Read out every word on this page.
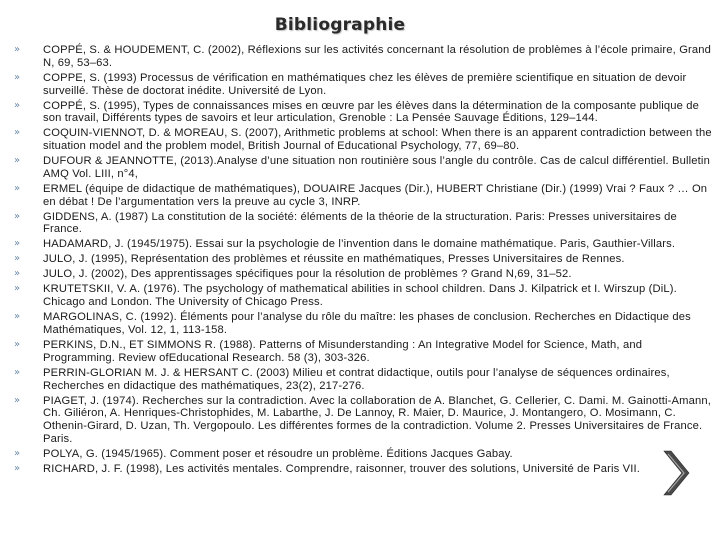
Bibliographie
» COPPÉ, S. & HOUDEMENT, C. (2002), Réflexions sur les activités concernant la résolution de problèmes à l’école primaire, Grand N, 69, 53–63.
» COPPE, S. (1993) Processus de vérification en mathématiques chez les élèves de première scientifique en situation de devoir surveillé. Thèse de doctorat inédite. Université de Lyon.
» COPPÉ, S. (1995), Types de connaissances mises en œuvre par les élèves dans la détermination de la composante publique de son travail, Différents types de savoirs et leur articulation, Grenoble : La Pensée Sauvage Éditions, 129–144.
» COQUIN-VIENNOT, D. & MOREAU, S. (2007), Arithmetic problems at school: When there is an apparent contradiction between the situation model and the problem model, British Journal of Educational Psychology, 77, 69–80.
» DUFOUR & JEANNOTTE, (2013).Analyse d’une situation non routinière sous l’angle du contrôle. Cas de calcul différentiel. Bulletin AMQ Vol. LIII, n°4,
» ERMEL (équipe de didactique de mathématiques), DOUAIRE Jacques (Dir.), HUBERT Christiane (Dir.) (1999) Vrai ? Faux ? … On en débat ! De l’argumentation vers la preuve au cycle 3, INRP.
» GIDDENS, A. (1987) La constitution de la société: éléments de la théorie de la structuration. Paris: Presses universitaires de France.
» HADAMARD, J. (1945/1975). Essai sur la psychologie de l’invention dans le domaine mathématique. Paris, Gauthier-Villars.
» JULO, J. (1995), Représentation des problèmes et réussite en mathématiques, Presses Universitaires de Rennes.
» JULO, J. (2002), Des apprentissages spécifiques pour la résolution de problèmes ? Grand N,69, 31–52.
» KRUTETSKII, V. A. (1976). The psychology of mathematical abilities in school children. Dans J. Kilpatrick et I. Wirszup (DiL). Chicago and London. The University of Chicago Press.
» MARGOLINAS, C. (1992). Éléments pour l’analyse du rôle du maître: les phases de conclusion. Recherches en Didactique des Mathématiques, Vol. 12, 1, 113-158.
» PERKINS, D.N., ET SIMMONS R. (1988). Patterns of Misunderstanding : An Integrative Model for Science, Math, and Programming. Review ofEducational Research. 58 (3), 303-326.
» PERRIN-GLORIAN M. J. & HERSANT C. (2003) Milieu et contrat didactique, outils pour l’analyse de séquences ordinaires, Recherches en didactique des mathématiques, 23(2), 217-276.
» PIAGET, J. (1974). Recherches sur la contradiction. Avec la collaboration de A. Blanchet, G. Cellerier, C. Dami. M. Gainotti-Amann, Ch. Giliéron, A. Henriques-Christophides, M. Labarthe, J. De Lannoy, R. Maier, D. Maurice, J. Montangero, O. Mosimann, C. Othenin-Girard, D. Uzan, Th. Vergopoulo. Les différentes formes de la contradiction. Volume 2. Presses Universitaires de France. Paris.
» POLYA, G. (1945/1965). Comment poser et résoudre un problème. Éditions Jacques Gabay.
» RICHARD, J. F. (1998), Les activités mentales. Comprendre, raisonner, trouver des solutions, Université de Paris VII.
